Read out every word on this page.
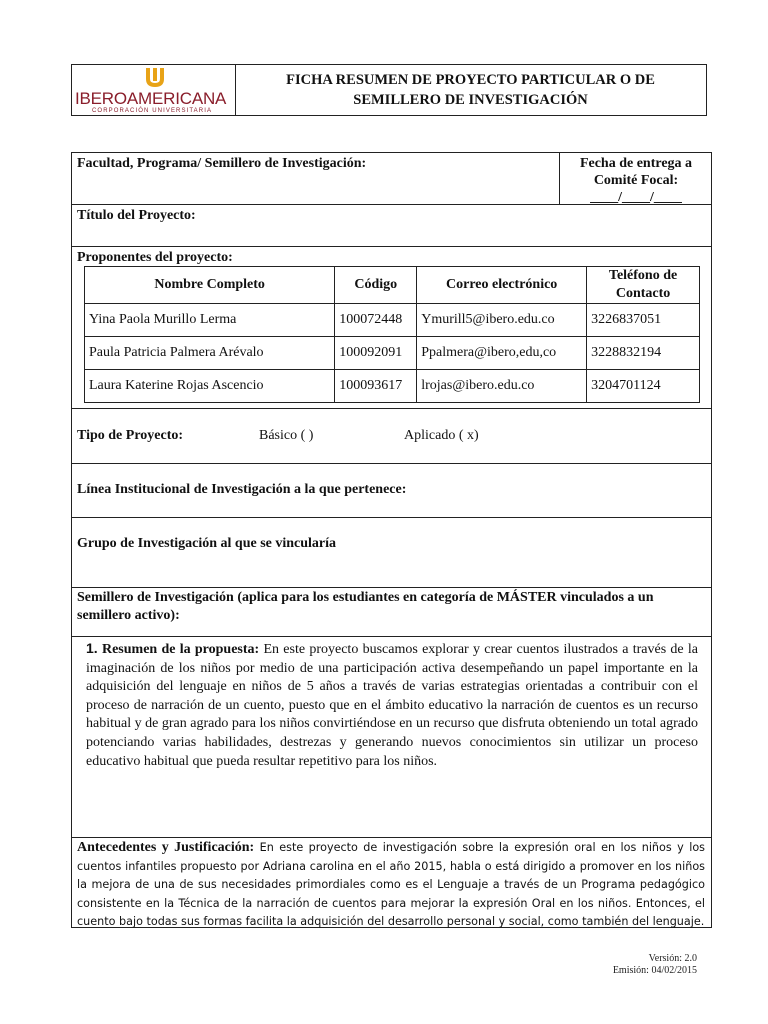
IBEROAMERICANA
CORPORACIÓN UNIVERSITARIA
FICHA RESUMEN DE PROYECTO PARTICULAR O DE
SEMILLERO DE INVESTIGACIÓN
Facultad, Programa/ Semillero de Investigación:	Fecha de entrega a
Comité Focal:
____/____/____
Título del Proyecto:
Proponentes del proyecto:
Nombre Completo	Código	Correo electrónico	Teléfono de Contacto
Yina Paola Murillo Lerma	100072448	Ymurill5@ibero.edu.co	3226837051
Paula Patricia Palmera Arévalo	100092091	Ppalmera@ibero,edu,co	3228832194
Laura Katerine Rojas Ascencio	100093617	lrojas@ibero.edu.co	3204701124
Tipo de Proyecto:	Básico ( )	Aplicado ( x)
Línea Institucional de Investigación a la que pertenece:
Grupo de Investigación al que se vincularía
Semillero de Investigación (aplica para los estudiantes en categoría de MÁSTER vinculados a un
semillero activo):
1. Resumen de la propuesta: En este proyecto buscamos explorar y crear cuentos ilustrados a través de la imaginación de los niños por medio de una participación activa desempeñando un papel importante en la adquisición del lenguaje en niños de 5 años a través de varias estrategias orientadas a contribuir con el proceso de narración de un cuento, puesto que en el ámbito educativo la narración de cuentos es un recurso habitual y de gran agrado para los niños convirtiéndose en un recurso que disfruta obteniendo un total agrado potenciando varias habilidades, destrezas y generando nuevos conocimientos sin utilizar un proceso educativo habitual que pueda resultar repetitivo para los niños.
Antecedentes y Justificación: En este proyecto de investigación sobre la expresión oral en los niños y los cuentos infantiles propuesto por Adriana carolina en el año 2015, habla o está dirigido a promover en los niños la mejora de una de sus necesidades primordiales como es el Lenguaje a través de un Programa pedagógico consistente en la Técnica de la narración de cuentos para mejorar la expresión Oral en los niños. Entonces, el cuento bajo todas sus formas facilita la adquisición del desarrollo personal y social, como también del lenguaje.
Versión: 2.0
Emisión: 04/02/2015
